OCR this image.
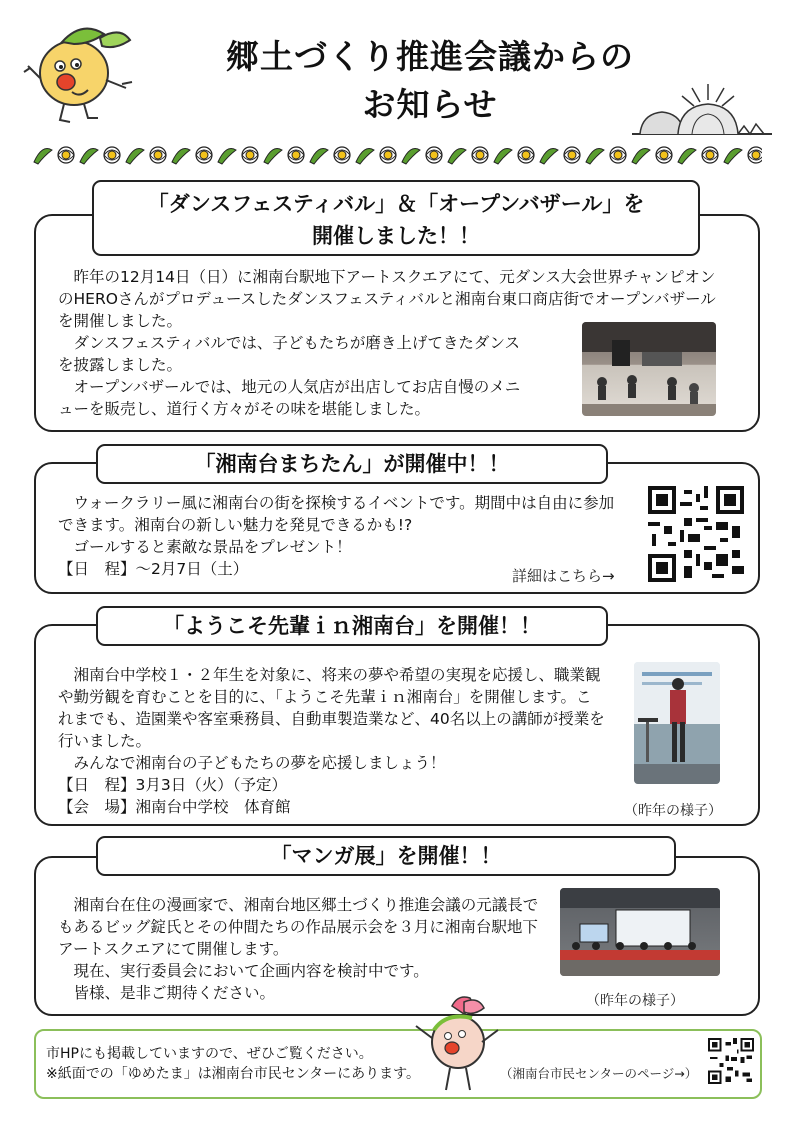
郷土づくり推進会議からの
お知らせ
「ダンスフェスティバル」＆「オープンバザール」を
開催しました！！

昨年の12月14日（日）に湘南台駅地下アートスクエアにて、元ダンス大会世界チャンピオンのHEROさんがプロデュースしたダンスフェスティバルと湘南台東口商店街でオープンバザールを開催しました。

ダンスフェスティバルでは、子どもたちが磨き上げてきたダンスを披露しました。

オープンバザールでは、地元の人気店が出店してお店自慢のメニューを販売し、道行く方々がその味を堪能しました。

「湘南台まちたん」が開催中！！

ウォークラリー風に湘南台の街を探検するイベントです。期間中は自由に参加できます。湘南台の新しい魅力を発見できるかも!?

ゴールすると素敵な景品をプレゼント！

【日　程】～2月7日（土）	詳細はこちら→
「ようこそ先輩ｉｎ湘南台」を開催！！

湘南台中学校１・２年生を対象に、将来の夢や希望の実現を応援し、職業観や勤労観を育むことを目的に、「ようこそ先輩ｉｎ湘南台」を開催します。これまでも、造園業や客室乗務員、自動車製造業など、40名以上の講師が授業を行いました。

みんなで湘南台の子どもたちの夢を応援しましょう！

【日　程】3月3日（火）（予定）

【会　場】湘南台中学校　体育館	（昨年の様子）
「マンガ展」を開催！！

湘南台在住の漫画家で、湘南台地区郷土づくり推進会議の元議長でもあるビッグ錠氏とその仲間たちの作品展示会を３月に湘南台駅地下アートスクエアにて開催します。

現在、実行委員会において企画内容を検討中です。

皆様、是非ご期待ください。	（昨年の様子）

市HPにも掲載していますので、ぜひご覧ください。

※紙面での「ゆめたま」は湘南台市民センターにあります。	（湘南台市民センターのページ→）
